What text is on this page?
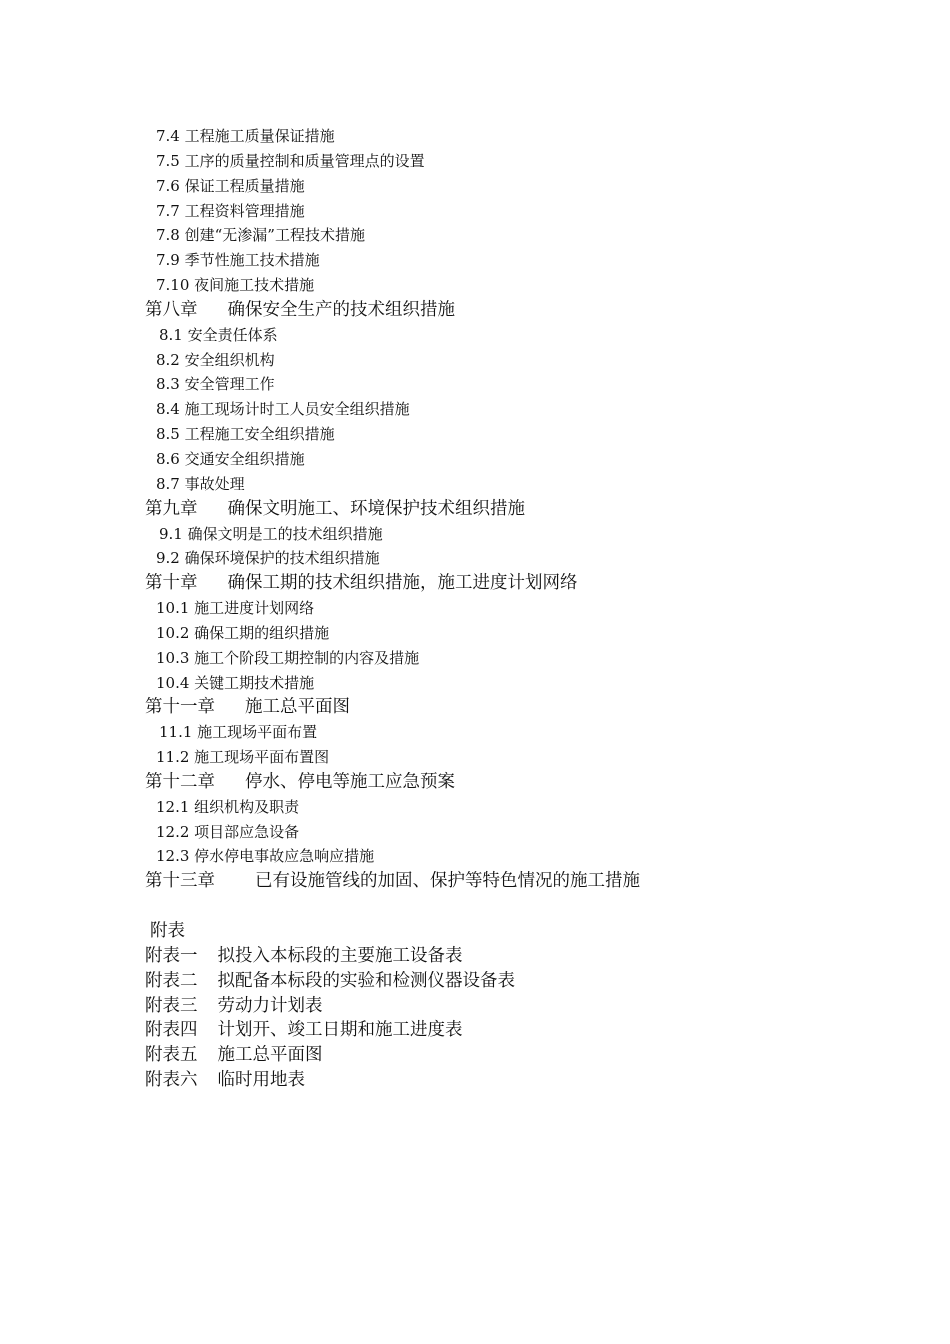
7.4 工程施工质量保证措施
7.5 工序的质量控制和质量管理点的设置
7.6 保证工程质量措施
7.7 工程资料管理措施
7.8 创建“无渗漏”工程技术措施
7.9 季节性施工技术措施
7.10 夜间施工技术措施
第八章 确保安全生产的技术组织措施
8.1 安全责任体系
8.2 安全组织机构
8.3 安全管理工作
8.4 施工现场计时工人员安全组织措施
8.5 工程施工安全组织措施
8.6 交通安全组织措施
8.7 事故处理
第九章 确保文明施工、环境保护技术组织措施
9.1 确保文明是工的技术组织措施
9.2 确保环境保护的技术组织措施
第十章 确保工期的技术组织措施，施工进度计划网络
10.1 施工进度计划网络
10.2 确保工期的组织措施
10.3 施工个阶段工期控制的内容及措施
10.4 关键工期技术措施
第十一章 施工总平面图
11.1 施工现场平面布置
11.2 施工现场平面布置图
第十二章 停水、停电等施工应急预案
12.1 组织机构及职责
12.2 项目部应急设备
12.3 停水停电事故应急响应措施
第十三章 已有设施管线的加固、保护等特色情况的施工措施
附表
附表一 拟投入本标段的主要施工设备表
附表二 拟配备本标段的实验和检测仪器设备表
附表三 劳动力计划表
附表四 计划开、竣工日期和施工进度表
附表五 施工总平面图
附表六 临时用地表
